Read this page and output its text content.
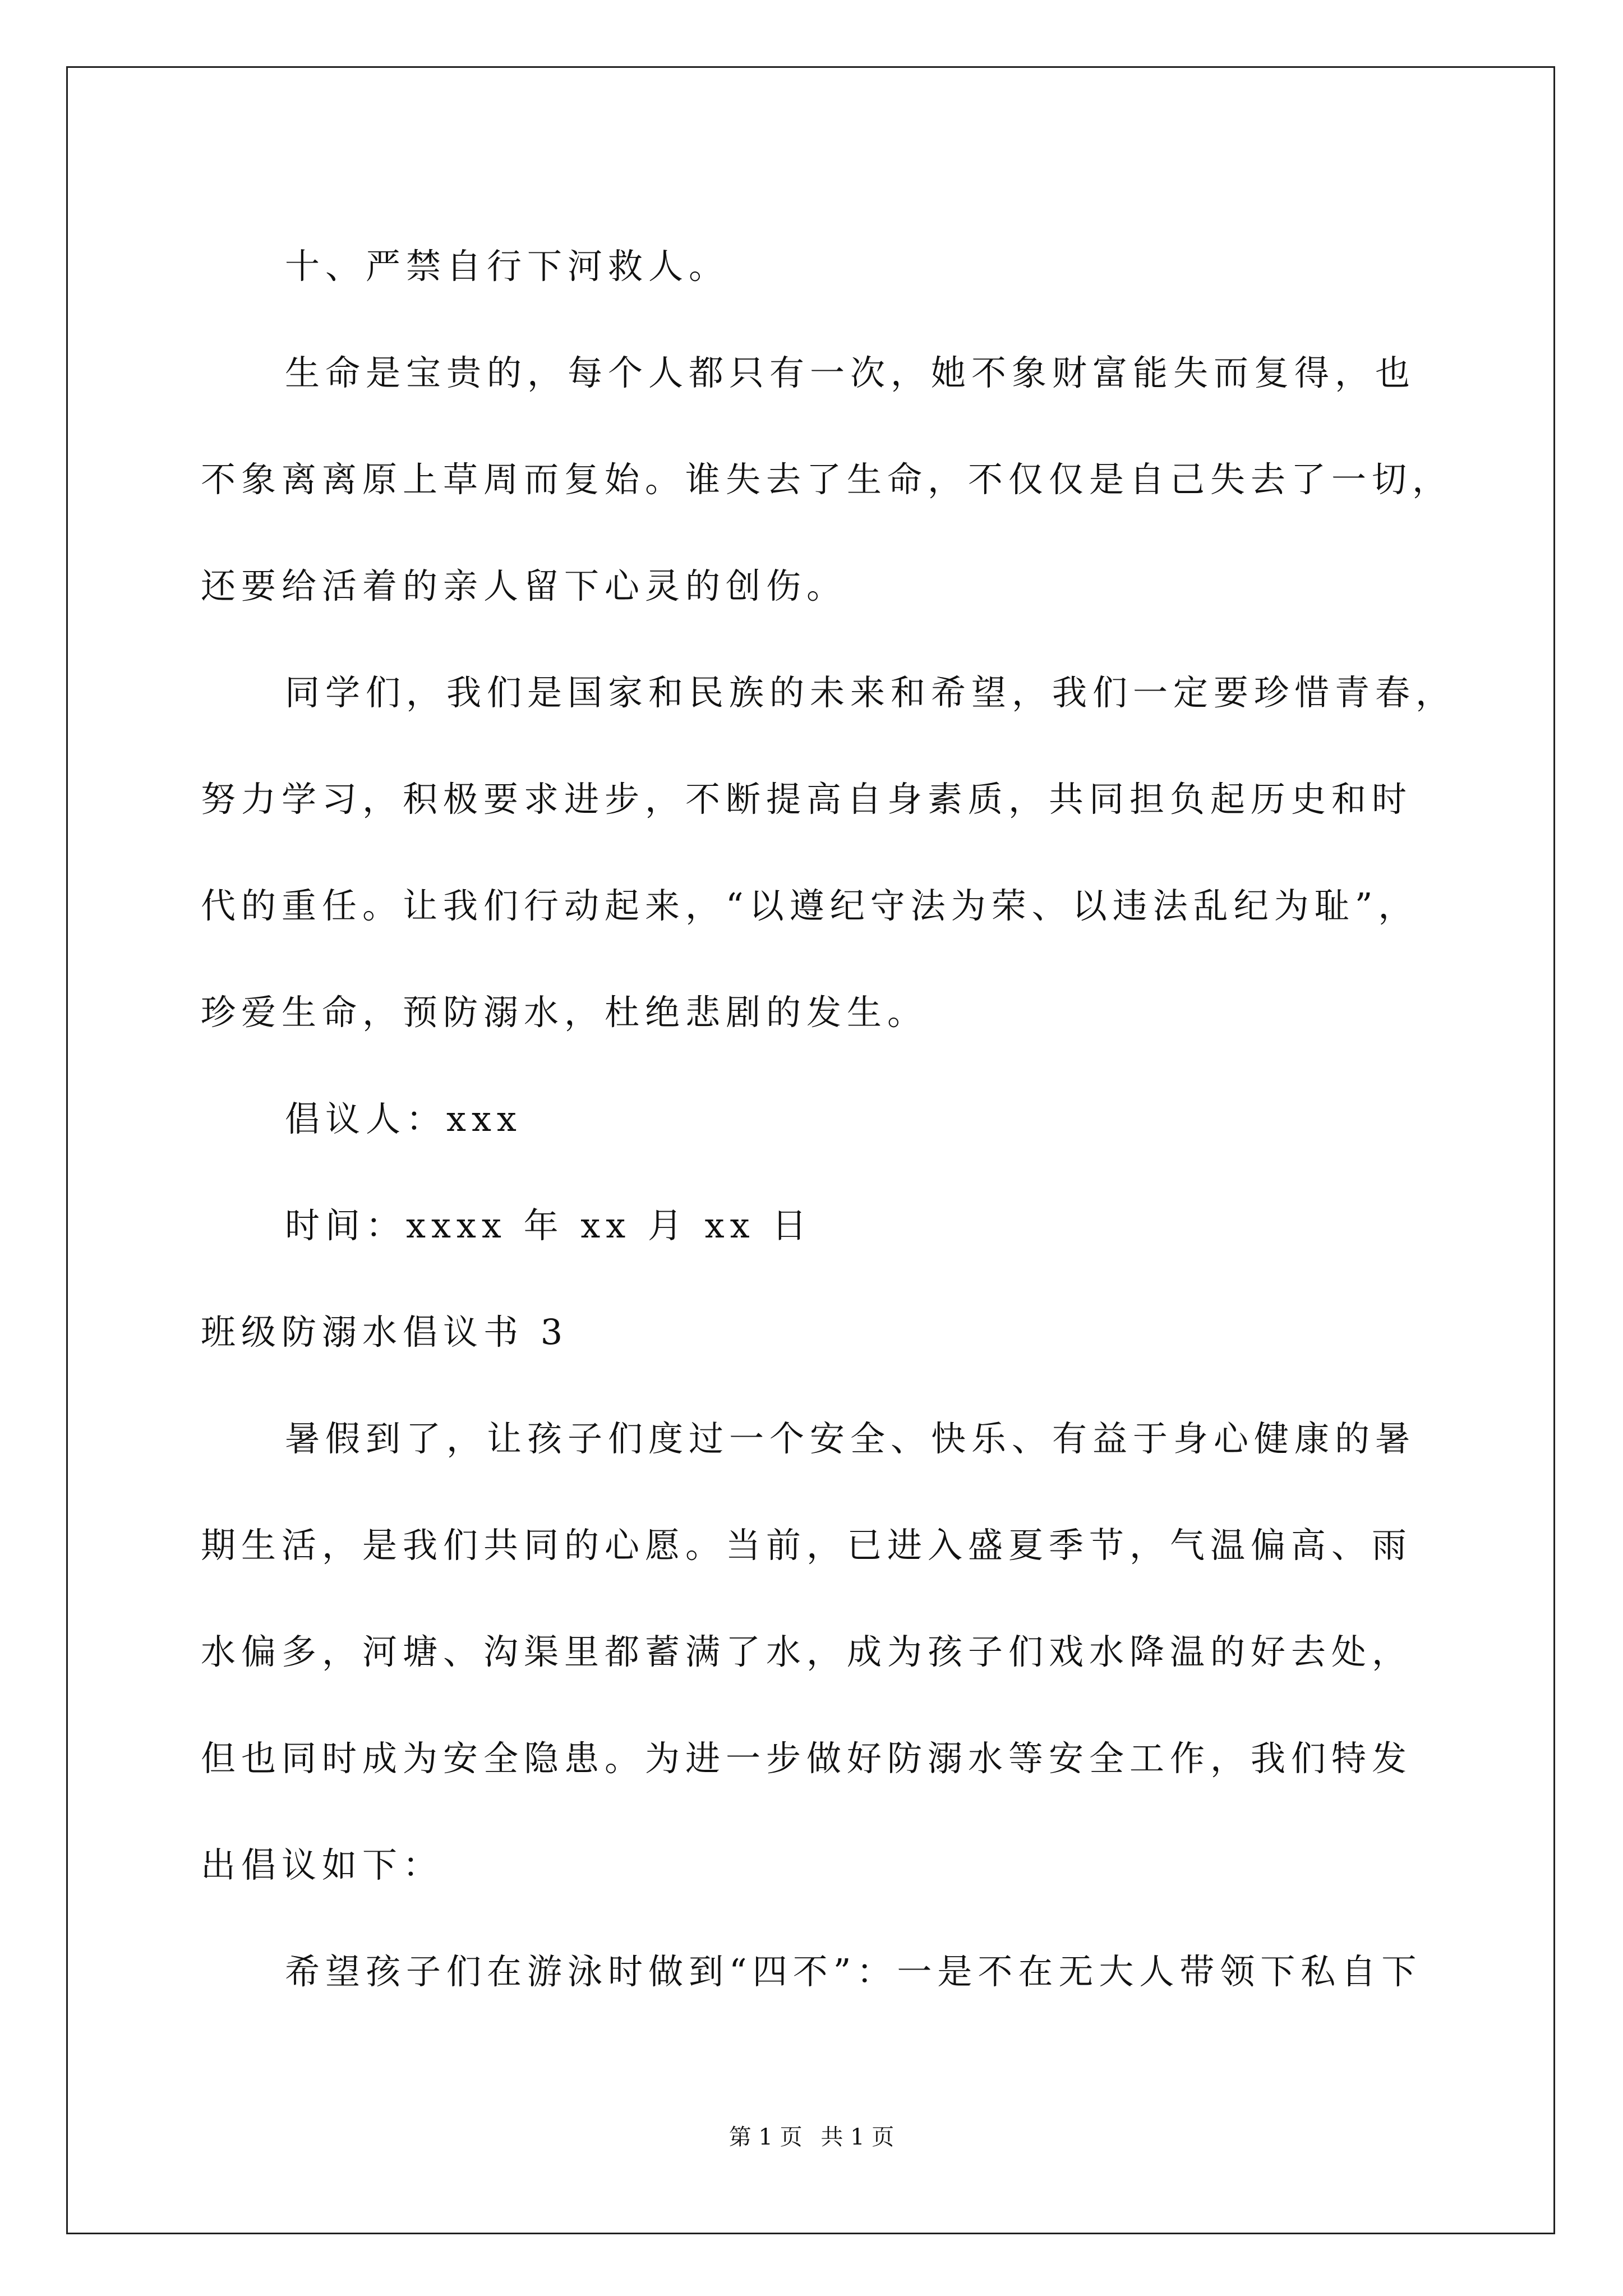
十、严禁自行下河救人。
生命是宝贵的，每个人都只有一次，她不象财富能失而复得，也
不象离离原上草周而复始。谁失去了生命，不仅仅是自己失去了一切，
还要给活着的亲人留下心灵的创伤。
同学们，我们是国家和民族的未来和希望，我们一定要珍惜青春，
努力学习，积极要求进步，不断提高自身素质，共同担负起历史和时
代的重任。让我们行动起来，“以遵纪守法为荣、以违法乱纪为耻”，
珍爱生命，预防溺水，杜绝悲剧的发生。
倡议人：xxx
时间：xxxx 年 xx 月 xx 日
班级防溺水倡议书 3
暑假到了，让孩子们度过一个安全、快乐、有益于身心健康的暑
期生活，是我们共同的心愿。当前，已进入盛夏季节，气温偏高、雨
水偏多，河塘、沟渠里都蓄满了水，成为孩子们戏水降温的好去处，
但也同时成为安全隐患。为进一步做好防溺水等安全工作，我们特发
出倡议如下：
希望孩子们在游泳时做到“四不”：一是不在无大人带领下私自下
第 1 页 共 1 页
